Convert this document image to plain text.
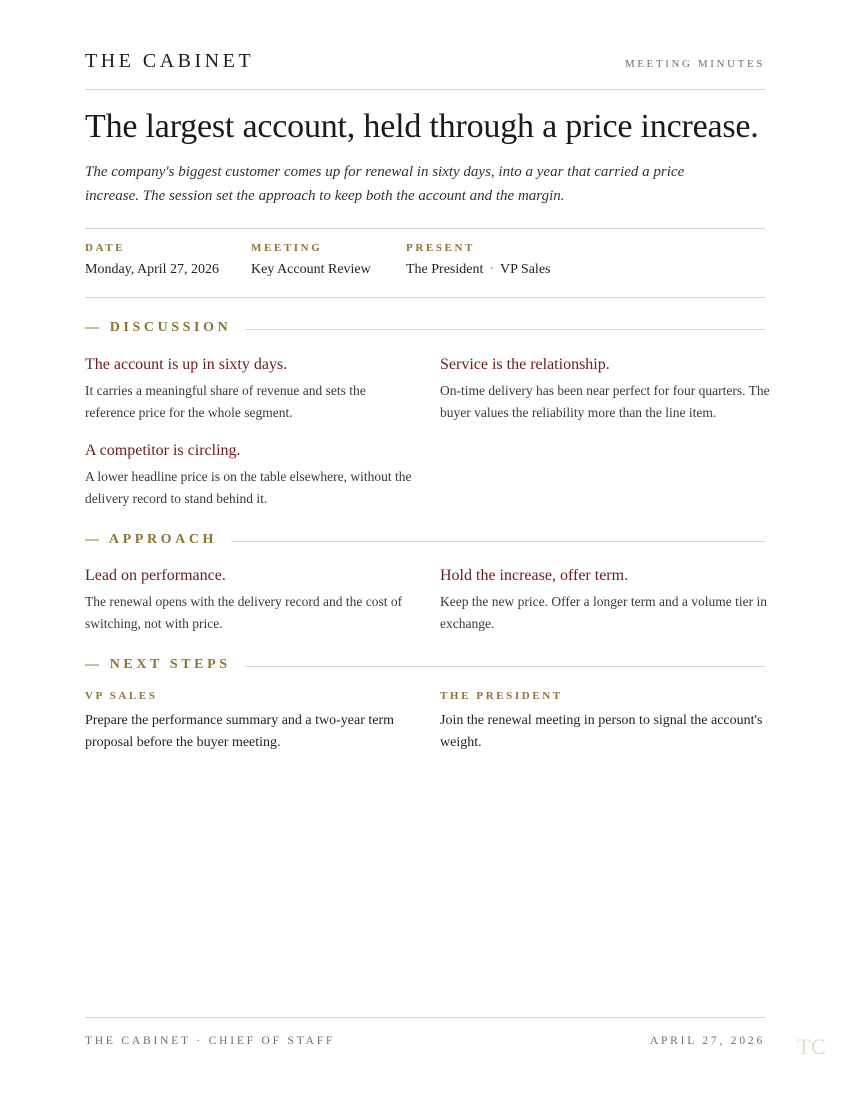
THE CABINET	MEETING MINUTES
The largest account, held through a price increase.

The company's biggest customer comes up for renewal in sixty days, into a year that carried a price increase. The session set the approach to keep both the account and the margin.

DATE
Monday, April 27, 2026
MEETING
Key Account Review
PRESENT
The President · VP Sales
— DISCUSSION
The account is up in sixty days.

It carries a meaningful share of revenue and sets the reference price for the whole segment.

Service is the relationship.

On-time delivery has been near perfect for four quarters. The buyer values the reliability more than the line item.

A competitor is circling.

A lower headline price is on the table elsewhere, without the delivery record to stand behind it.

— APPROACH
Lead on performance.

The renewal opens with the delivery record and the cost of switching, not with price.

Hold the increase, offer term.

Keep the new price. Offer a longer term and a volume tier in exchange.

— NEXT STEPS
VP SALES

Prepare the performance summary and a two-year term proposal before the buyer meeting.

THE PRESIDENT

Join the renewal meeting in person to signal the account's weight.

THE CABINET · CHIEF OF STAFF	APRIL 27, 2026 TC
